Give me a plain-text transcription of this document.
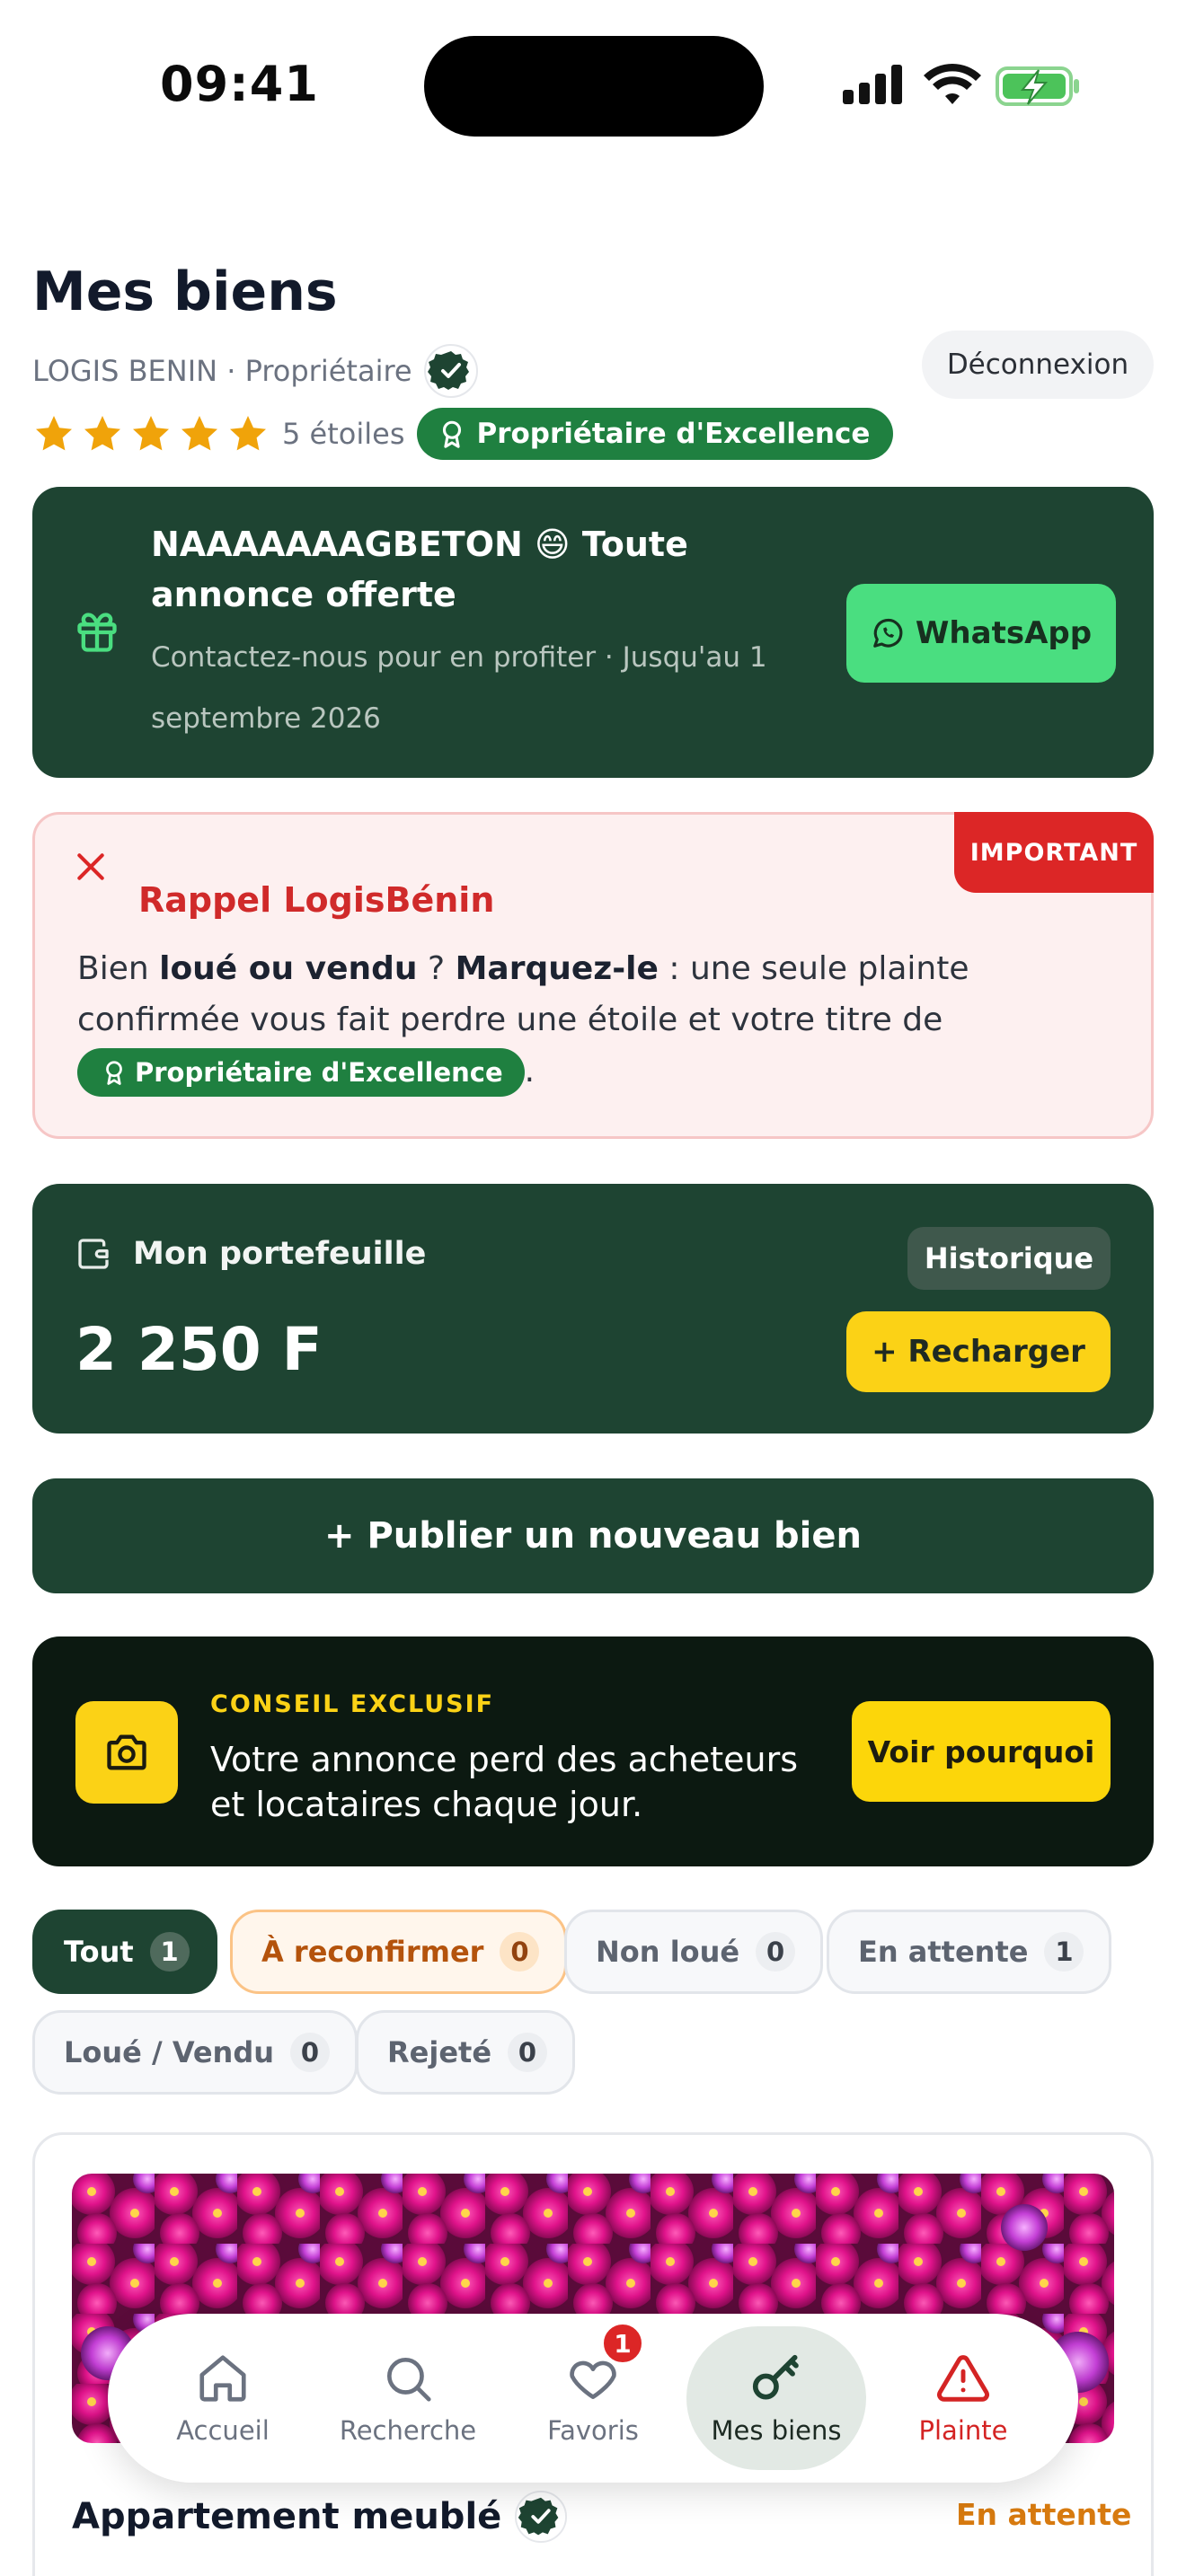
09:41
Mes biens
LOGIS BENIN · Propriétaire	Déconnexion
5 étoiles	Propriétaire d'Excellence
NAAAAAAAGBETON 😄 Toute annonce offerte
Contactez-nous pour en profiter · Jusqu'au 1 septembre 2026
WhatsApp
IMPORTANT
Rappel LogisBénin
Bien loué ou vendu ? Marquez-le : une seule plainte confirmée vous fait perdre une étoile et votre titre de
Propriétaire d'Excellence .
Mon portefeuille
2 250 F
Historique
+ Recharger
+ Publier un nouveau bien
CONSEIL EXCLUSIF
Votre annonce perd des acheteurs et locataires chaque jour.
Voir pourquoi
Tout	1	À reconfirmer	0	Non loué	0	En attente	1
Loué / Vendu	0	Rejeté	0
Appartement meublé	En attente
Accueil	Recherche	Favoris
1
Mes biens	Plainte
